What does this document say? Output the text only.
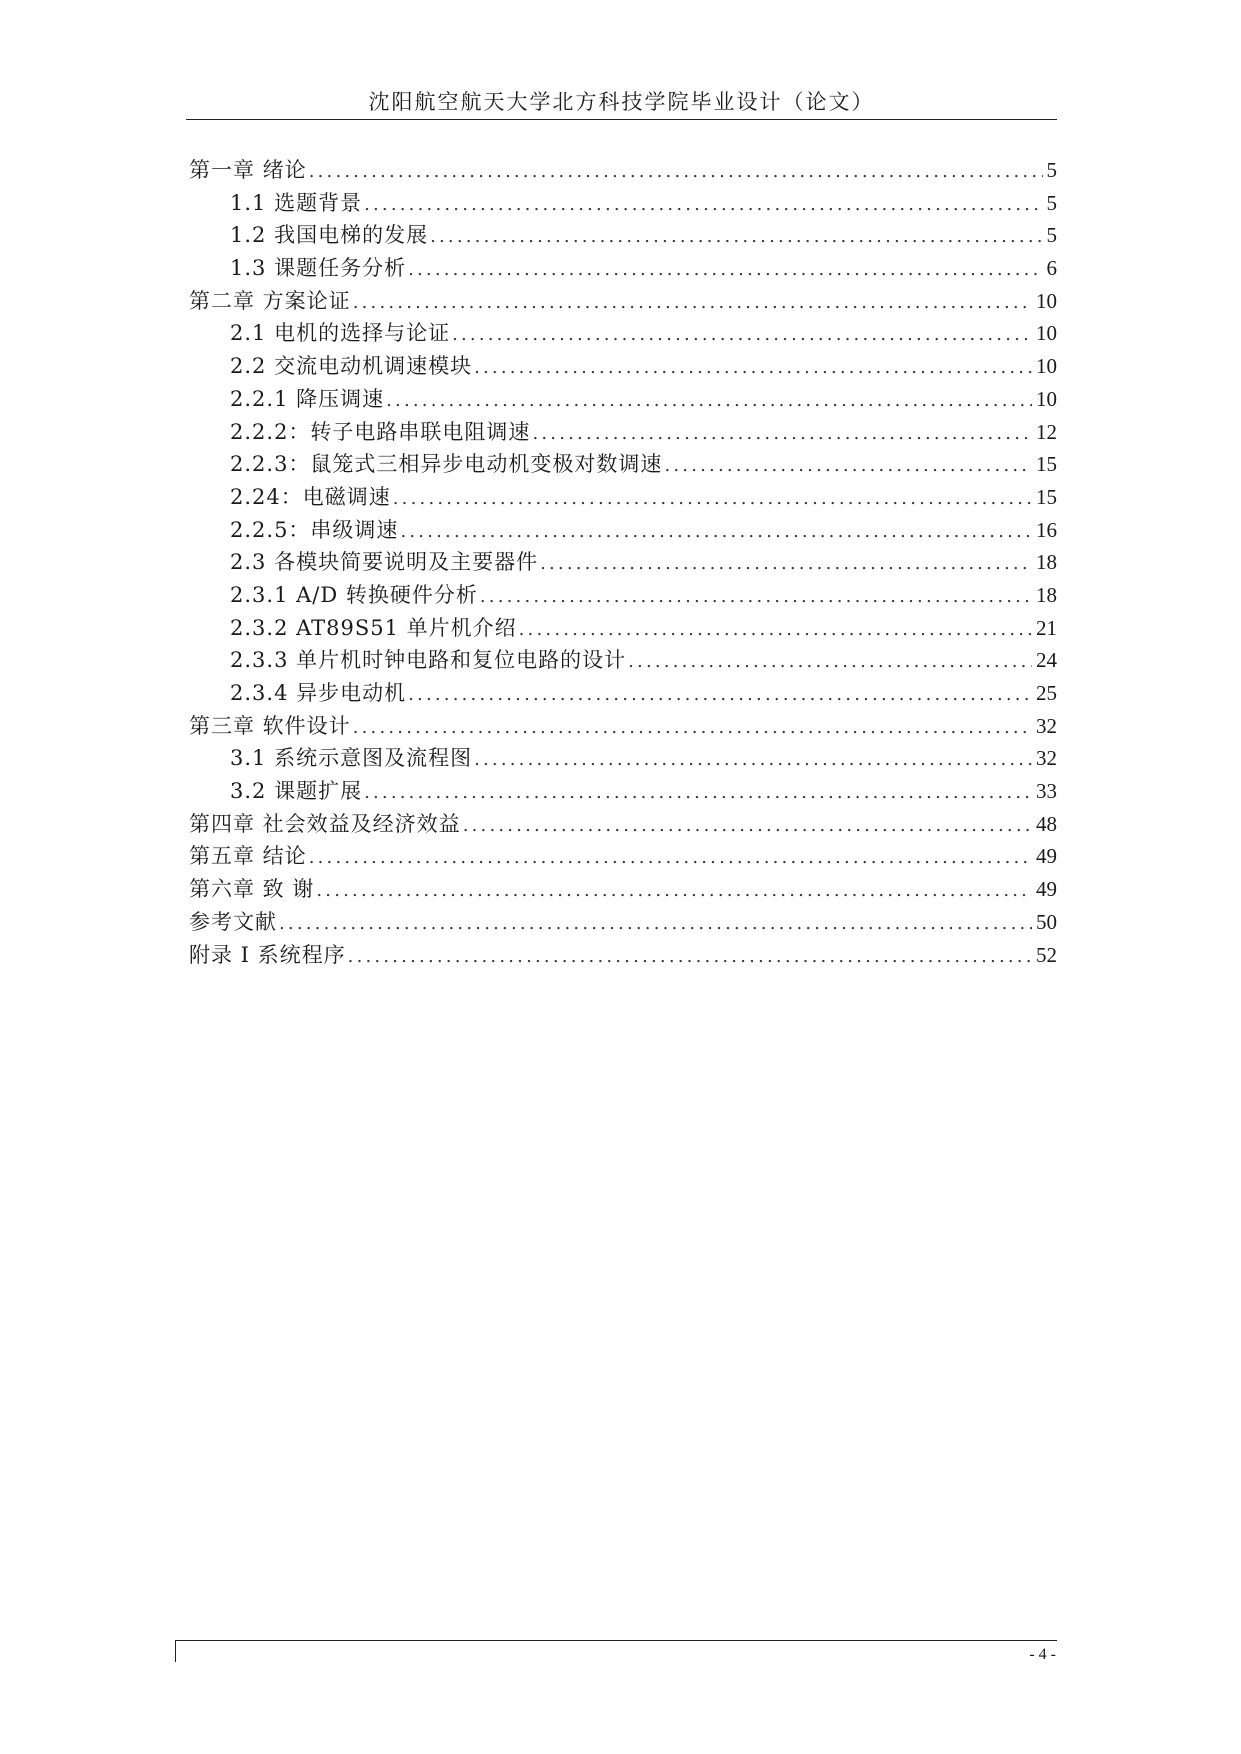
沈阳航空航天大学北方科技学院毕业设计（论文）
第一章 绪论 .....	5
1.1 选题背景 .....	5
1.2 我国电梯的发展 .....	5
1.3 课题任务分析 .....	6
第二章 方案论证 .....	10
2.1 电机的选择与论证 .....	10
2.2 交流电动机调速模块 .....	10
2.2.1 降压调速 .....	10
2.2.2：转子电路串联电阻调速 .....	12
2.2.3：鼠笼式三相异步电动机变极对数调速 .....	15
2.24：电磁调速 .....	15
2.2.5：串级调速 .....	16
2.3 各模块简要说明及主要器件 .....	18
2.3.1 A/D 转换硬件分析 .....	18
2.3.2 AT89S51 单片机介绍 .....	21
2.3.3 单片机时钟电路和复位电路的设计 .....	24
2.3.4 异步电动机 .....	25
第三章 软件设计 .....	32
3.1 系统示意图及流程图 .....	32
3.2 课题扩展 .....	33
第四章 社会效益及经济效益 .....	48
第五章 结论 .....	49
第六章 致 谢 .....	49
参考文献 .....	50
附录 I 系统程序 .....	52
- 4 -
